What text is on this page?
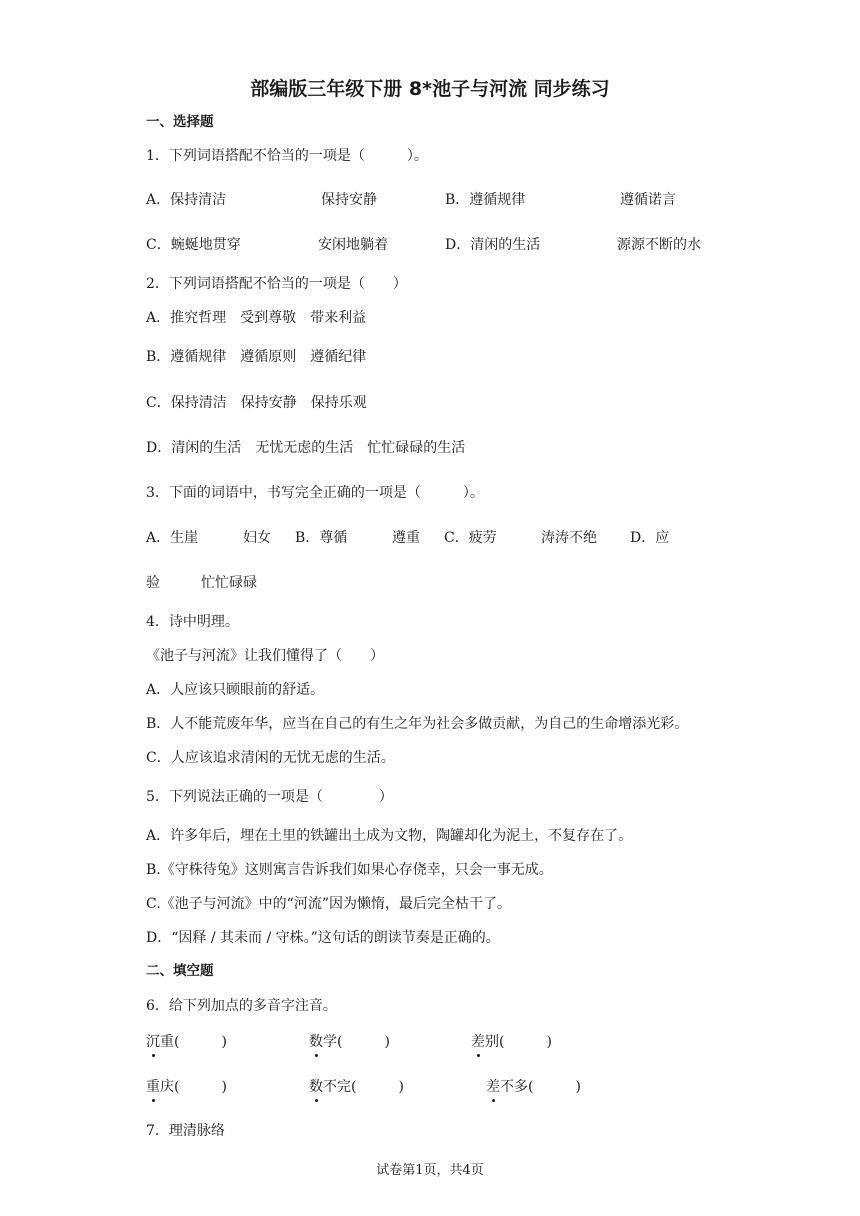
部编版三年级下册 8*池子与河流 同步练习
一、选择题
1．下列词语搭配不恰当的一项是（　　　）。
A．保持清洁	保持安静	B．遵循规律	遵循诺言
C．蜿蜒地贯穿	安闲地躺着	D．清闲的生活	源源不断的水
2．下列词语搭配不恰当的一项是（　　）
A．推究哲理　受到尊敬　带来利益
B．遵循规律　遵循原则　遵循纪律
C．保持清洁　保持安静　保持乐观
D．清闲的生活　无忧无虑的生活　忙忙碌碌的生活
3．下面的词语中，书写完全正确的一项是（　　　）。
A．生崖	妇女 B．尊循	遵重 C．疲劳	涛涛不绝 D．应
验	忙忙碌碌
4．诗中明理。
《池子与河流》让我们懂得了（　　）
A．人应该只顾眼前的舒适。
B．人不能荒废年华，应当在自己的有生之年为社会多做贡献，为自己的生命增添光彩。
C．人应该追求清闲的无忧无虑的生活。
5．下列说法正确的一项是（　　　　）
A．许多年后，埋在土里的铁罐出土成为文物，陶罐却化为泥土，不复存在了。
B.《守株待兔》这则寓言告诉我们如果心存侥幸，只会一事无成。
C.《池子与河流》中的“河流”因为懒惰，最后完全枯干了。
D．“因释 / 其耒而 / 守株。”这句话的朗读节奏是正确的。
二、填空题
6．给下列加点的多音字注音。
沉重(　　　)	数学(　　　)	差别(　　　)
重庆(　　　)	数不完(　　　)	差不多(　　　)
7．理清脉络
试卷第1页，共4页
